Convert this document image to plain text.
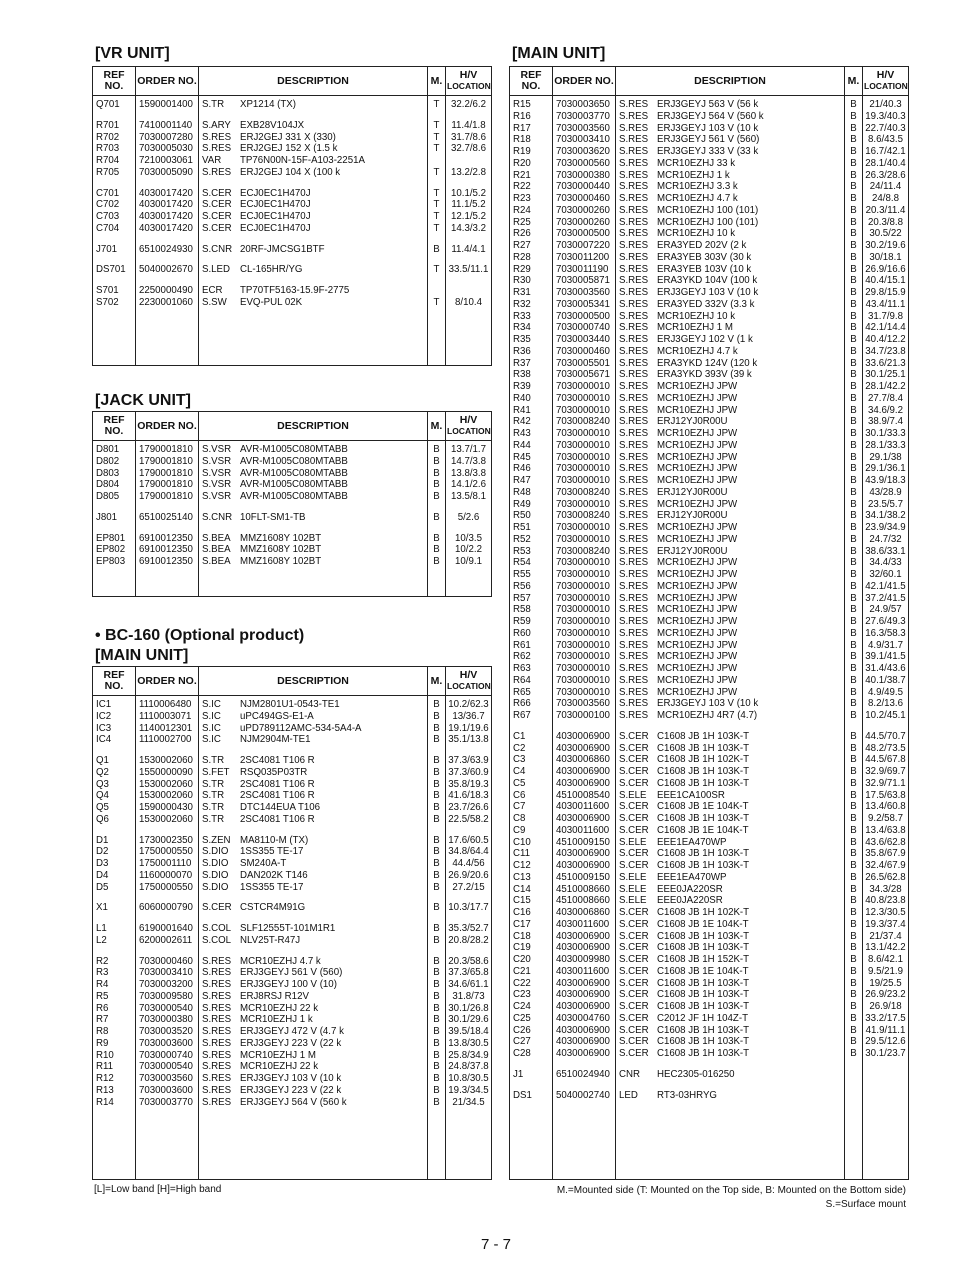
[VR UNIT]
[JACK UNIT]
• BC-160 (Optional product)
[MAIN UNIT]
[MAIN UNIT]
REF NO.	ORDER NO.	DESCRIPTION	M.	H/V
LOCATION

Q701	1590001400	S.TR XP1214 (TX)	T	32.2/6.2

R701	7410001140	S.ARY EXB28V104JX	T	11.4/1.8
R702	7030007280	S.RES ERJ2GEJ 331 X (330)	T	31.7/8.6
R703	7030005030	S.RES ERJ2GEJ 152 X (1.5 k	T	32.7/8.6
R704	7210003061	VAR TP76N00N-15F-A103-2251A		
R705	7030005090	S.RES ERJ2GEJ 104 X (100 k	T	13.2/2.8

C701	4030017420	S.CER ECJ0EC1H470J	T	10.1/5.2
C702	4030017420	S.CER ECJ0EC1H470J	T	11.1/5.2
C703	4030017420	S.CER ECJ0EC1H470J	T	12.1/5.2
C704	4030017420	S.CER ECJ0EC1H470J	T	14.3/3.2

J701	6510024930	S.CNR 20RF-JMCSG1BTF	B	11.4/4.1

DS701	5040002670	S.LED CL-165HR/YG	T	33.5/11.1

S701	2250000490	ECR TP70TF5163-15.9F-2775		
S702	2230001060	S.SW EVQ-PUL 02K	T	8/10.4

REF NO.	ORDER NO.	DESCRIPTION	M.	H/V
LOCATION

D801	1790001810	S.VSR AVR-M1005C080MTABB	B	13.7/1.7
D802	1790001810	S.VSR AVR-M1005C080MTABB	B	14.7/3.8
D803	1790001810	S.VSR AVR-M1005C080MTABB	B	13.8/3.8
D804	1790001810	S.VSR AVR-M1005C080MTABB	B	14.1/2.6
D805	1790001810	S.VSR AVR-M1005C080MTABB	B	13.5/8.1

J801	6510025140	S.CNR 10FLT-SM1-TB	B	5/2.6

EP801	6910012350	S.BEA MMZ1608Y 102BT	B	10/3.5
EP802	6910012350	S.BEA MMZ1608Y 102BT	B	10/2.2
EP803	6910012350	S.BEA MMZ1608Y 102BT	B	10/9.1

REF NO.	ORDER NO.	DESCRIPTION	M.	H/V
LOCATION

IC1	1110006480	S.IC NJM2801U1-0543-TE1	B	10.2/62.3
IC2	1110003071	S.IC uPC494GS-E1-A	B	13/36.7
IC3	1140012301	S.IC uPD789112AMC-534-5A4-A	B	19.1/19.6
IC4	1110002700	S.IC NJM2904M-TE1	B	35.1/13.8

Q1	1530002060	S.TR 2SC4081 T106 R	B	37.3/63.9
Q2	1550000090	S.FET RSQ035P03TR	B	37.3/60.9
Q3	1530002060	S.TR 2SC4081 T106 R	B	35.8/19.3
Q4	1530002060	S.TR 2SC4081 T106 R	B	41.6/18.3
Q5	1590000430	S.TR DTC144EUA T106	B	23.7/26.6
Q6	1530002060	S.TR 2SC4081 T106 R	B	22.5/58.2

D1	1730002350	S.ZEN MA8110-M (TX)	B	17.6/60.5
D2	1750000550	S.DIO 1SS355 TE-17	B	34.8/64.4
D3	1750001110	S.DIO SM240A-T	B	44.4/56
D4	1160000070	S.DIO DAN202K T146	B	26.9/20.6
D5	1750000550	S.DIO 1SS355 TE-17	B	27.2/15

X1	6060000790	S.CER CSTCR4M91G	B	10.3/17.7

L1	6190001640	S.COL SLF12555T-101M1R1	B	35.3/52.7
L2	6200002611	S.COL NLV25T-R47J	B	20.8/28.2

R2	7030000460	S.RES MCR10EZHJ 4.7 k	B	20.3/58.6
R3	7030003410	S.RES ERJ3GEYJ 561 V (560)	B	37.3/65.8
R4	7030003200	S.RES ERJ3GEYJ 100 V (10)	B	34.6/61.1
R5	7030009580	S.RES ERJ8RSJ R12V	B	31.8/73
R6	7030000540	S.RES MCR10EZHJ 22 k	B	30.1/26.8
R7	7030000380	S.RES MCR10EZHJ 1 k	B	30.1/29.6
R8	7030003520	S.RES ERJ3GEYJ 472 V (4.7 k	B	39.5/18.4
R9	7030003600	S.RES ERJ3GEYJ 223 V (22 k	B	13.8/30.5
R10	7030000740	S.RES MCR10EZHJ 1 M	B	25.8/34.9
R11	7030000540	S.RES MCR10EZHJ 22 k	B	24.8/37.8
R12	7030003560	S.RES ERJ3GEYJ 103 V (10 k	B	10.8/30.5
R13	7030003600	S.RES ERJ3GEYJ 223 V (22 k	B	19.3/34.5
R14	7030003770	S.RES ERJ3GEYJ 564 V (560 k	B	21/34.5

REF NO.	ORDER NO.	DESCRIPTION	M.	H/V
LOCATION

R15	7030003650	S.RES ERJ3GEYJ 563 V (56 k	B	21/40.3
R16	7030003770	S.RES ERJ3GEYJ 564 V (560 k	B	19.3/40.3
R17	7030003560	S.RES ERJ3GEYJ 103 V (10 k	B	22.7/40.3
R18	7030003410	S.RES ERJ3GEYJ 561 V (560)	B	8.6/43.5
R19	7030003620	S.RES ERJ3GEYJ 333 V (33 k	B	16.7/42.1
R20	7030000560	S.RES MCR10EZHJ 33 k	B	28.1/40.4
R21	7030000380	S.RES MCR10EZHJ 1 k	B	26.3/28.6
R22	7030000440	S.RES MCR10EZHJ 3.3 k	B	24/11.4
R23	7030000460	S.RES MCR10EZHJ 4.7 k	B	24/8.8
R24	7030000260	S.RES MCR10EZHJ 100 (101)	B	20.3/11.4
R25	7030000260	S.RES MCR10EZHJ 100 (101)	B	20.3/8.8
R26	7030000500	S.RES MCR10EZHJ 10 k	B	30.5/22
R27	7030007220	S.RES ERA3YED 202V (2 k	B	30.2/19.6
R28	7030011200	S.RES ERA3YEB 303V (30 k	B	30/18.1
R29	7030011190	S.RES ERA3YEB 103V (10 k	B	26.9/16.6
R30	7030005871	S.RES ERA3YKD 104V (100 k	B	40.4/15.1
R31	7030003560	S.RES ERJ3GEYJ 103 V (10 k	B	29.8/15.9
R32	7030005341	S.RES ERA3YED 332V (3.3 k	B	43.4/11.1
R33	7030000500	S.RES MCR10EZHJ 10 k	B	31.7/9.8
R34	7030000740	S.RES MCR10EZHJ 1 M	B	42.1/14.4
R35	7030003440	S.RES ERJ3GEYJ 102 V (1 k	B	40.4/12.2
R36	7030000460	S.RES MCR10EZHJ 4.7 k	B	34.7/23.8
R37	7030005501	S.RES ERA3YKD 124V (120 k	B	33.6/21.3
R38	7030005671	S.RES ERA3YKD 393V (39 k	B	30.1/25.1
R39	7030000010	S.RES MCR10EZHJ JPW	B	28.1/42.2
R40	7030000010	S.RES MCR10EZHJ JPW	B	27.7/8.4
R41	7030000010	S.RES MCR10EZHJ JPW	B	34.6/9.2
R42	7030008240	S.RES ERJ12YJ0R00U	B	38.9/7.4
R43	7030000010	S.RES MCR10EZHJ JPW	B	30.1/33.3
R44	7030000010	S.RES MCR10EZHJ JPW	B	28.1/33.3
R45	7030000010	S.RES MCR10EZHJ JPW	B	29.1/38
R46	7030000010	S.RES MCR10EZHJ JPW	B	29.1/36.1
R47	7030000010	S.RES MCR10EZHJ JPW	B	43.9/18.3
R48	7030008240	S.RES ERJ12YJ0R00U	B	43/28.9
R49	7030000010	S.RES MCR10EZHJ JPW	B	23.5/5.7
R50	7030008240	S.RES ERJ12YJ0R00U	B	34.1/38.2
R51	7030000010	S.RES MCR10EZHJ JPW	B	23.9/34.9
R52	7030000010	S.RES MCR10EZHJ JPW	B	24.7/32
R53	7030008240	S.RES ERJ12YJ0R00U	B	38.6/33.1
R54	7030000010	S.RES MCR10EZHJ JPW	B	34.4/33
R55	7030000010	S.RES MCR10EZHJ JPW	B	32/60.1
R56	7030000010	S.RES MCR10EZHJ JPW	B	42.1/41.5
R57	7030000010	S.RES MCR10EZHJ JPW	B	37.2/41.5
R58	7030000010	S.RES MCR10EZHJ JPW	B	24.9/57
R59	7030000010	S.RES MCR10EZHJ JPW	B	27.6/49.3
R60	7030000010	S.RES MCR10EZHJ JPW	B	16.3/58.3
R61	7030000010	S.RES MCR10EZHJ JPW	B	4.9/31.7
R62	7030000010	S.RES MCR10EZHJ JPW	B	39.1/41.5
R63	7030000010	S.RES MCR10EZHJ JPW	B	31.4/43.6
R64	7030000010	S.RES MCR10EZHJ JPW	B	40.1/38.7
R65	7030000010	S.RES MCR10EZHJ JPW	B	4.9/49.5
R66	7030003560	S.RES ERJ3GEYJ 103 V (10 k	B	8.2/13.6
R67	7030000100	S.RES MCR10EZHJ 4R7 (4.7)	B	10.2/45.1

C1	4030006900	S.CER C1608 JB 1H 103K-T	B	44.5/70.7
C2	4030006900	S.CER C1608 JB 1H 103K-T	B	48.2/73.5
C3	4030006860	S.CER C1608 JB 1H 102K-T	B	44.5/67.8
C4	4030006900	S.CER C1608 JB 1H 103K-T	B	32.9/69.7
C5	4030006900	S.CER C1608 JB 1H 103K-T	B	32.9/71.1
C6	4510008540	S.ELE EEE1CA100SR	B	17.5/63.8
C7	4030011600	S.CER C1608 JB 1E 104K-T	B	13.4/60.8
C8	4030006900	S.CER C1608 JB 1H 103K-T	B	9.2/58.7
C9	4030011600	S.CER C1608 JB 1E 104K-T	B	13.4/63.8
C10	4510009150	S.ELE EEE1EA470WP	B	43.6/62.8
C11	4030006900	S.CER C1608 JB 1H 103K-T	B	35.8/67.9
C12	4030006900	S.CER C1608 JB 1H 103K-T	B	32.4/67.9
C13	4510009150	S.ELE EEE1EA470WP	B	26.5/62.8
C14	4510008660	S.ELE EEE0JA220SR	B	34.3/28
C15	4510008660	S.ELE EEE0JA220SR	B	40.8/23.8
C16	4030006860	S.CER C1608 JB 1H 102K-T	B	12.3/30.5
C17	4030011600	S.CER C1608 JB 1E 104K-T	B	19.3/37.4
C18	4030006900	S.CER C1608 JB 1H 103K-T	B	21/37.4
C19	4030006900	S.CER C1608 JB 1H 103K-T	B	13.1/42.2
C20	4030009980	S.CER C1608 JB 1H 152K-T	B	8.6/42.1
C21	4030011600	S.CER C1608 JB 1E 104K-T	B	9.5/21.9
C22	4030006900	S.CER C1608 JB 1H 103K-T	B	19/25.5
C23	4030006900	S.CER C1608 JB 1H 103K-T	B	26.9/23.2
C24	4030006900	S.CER C1608 JB 1H 103K-T	B	26.9/18
C25	4030004760	S.CER C2012 JF 1H 104Z-T	B	33.2/17.5
C26	4030006900	S.CER C1608 JB 1H 103K-T	B	41.9/11.1
C27	4030006900	S.CER C1608 JB 1H 103K-T	B	29.5/12.6
C28	4030006900	S.CER C1608 JB 1H 103K-T	B	30.1/23.7

J1	6510024940	CNR HEC2305-016250		

DS1	5040002740	LED RT3-03HRYG		

[L]=Low band [H]=High band	M.=Mounted side (T: Mounted on the Top side, B: Mounted on the Bottom side)
S.=Surface mount
7 - 7
